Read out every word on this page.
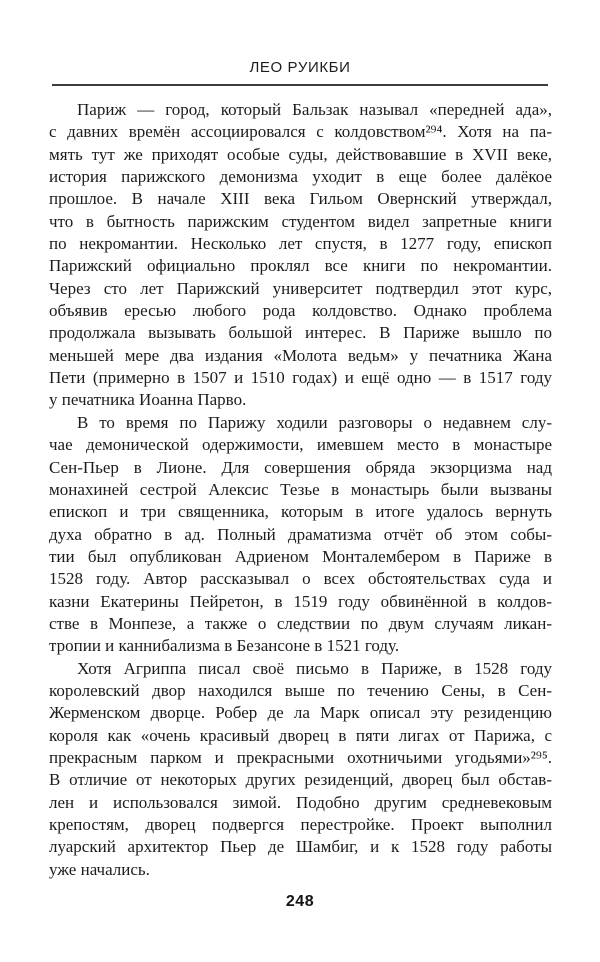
ЛЕО РУИКБИ
Париж — город, который Бальзак называл «передней ада»,
с давних времён ассоциировался с колдовством²⁹⁴. Хотя на па-
мять тут же приходят особые суды, действовавшие в XVII веке,
история парижского демонизма уходит в еще более далёкое
прошлое. В начале XIII века Гильом Овернский утверждал,
что в бытность парижским студентом видел запретные книги
по некромантии. Несколько лет спустя, в 1277 году, епископ
Парижский официально проклял все книги по некромантии.
Через сто лет Парижский университет подтвердил этот курс,
объявив ересью любого рода колдовство. Однако проблема
продолжала вызывать большой интерес. В Париже вышло по
меньшей мере два издания «Молота ведьм» у печатника Жана
Пети (примерно в 1507 и 1510 годах) и ещё одно — в 1517 году
у печатника Иоанна Парво.
В то время по Парижу ходили разговоры о недавнем слу-
чае демонической одержимости, имевшем место в монастыре
Сен-Пьер в Лионе. Для совершения обряда экзорцизма над
монахиней сестрой Алексис Тезье в монастырь были вызваны
епископ и три священника, которым в итоге удалось вернуть
духа обратно в ад. Полный драматизма отчёт об этом собы-
тии был опубликован Адриеном Монталембером в Париже в
1528 году. Автор рассказывал о всех обстоятельствах суда и
казни Екатерины Пейретон, в 1519 году обвинённой в колдов-
стве в Монпезе, а также о следствии по двум случаям ликан-
тропии и каннибализма в Безансоне в 1521 году.
Хотя Агриппа писал своё письмо в Париже, в 1528 году
королевский двор находился выше по течению Сены, в Сен-
Жерменском дворце. Робер де ла Марк описал эту резиденцию
короля как «очень красивый дворец в пяти лигах от Парижа, с
прекрасным парком и прекрасными охотничьими угодьями»²⁹⁵.
В отличие от некоторых других резиденций, дворец был обстав-
лен и использовался зимой. Подобно другим средневековым
крепостям, дворец подвергся перестройке. Проект выполнил
луарский архитектор Пьер де Шамбиг, и к 1528 году работы
уже начались.
248
